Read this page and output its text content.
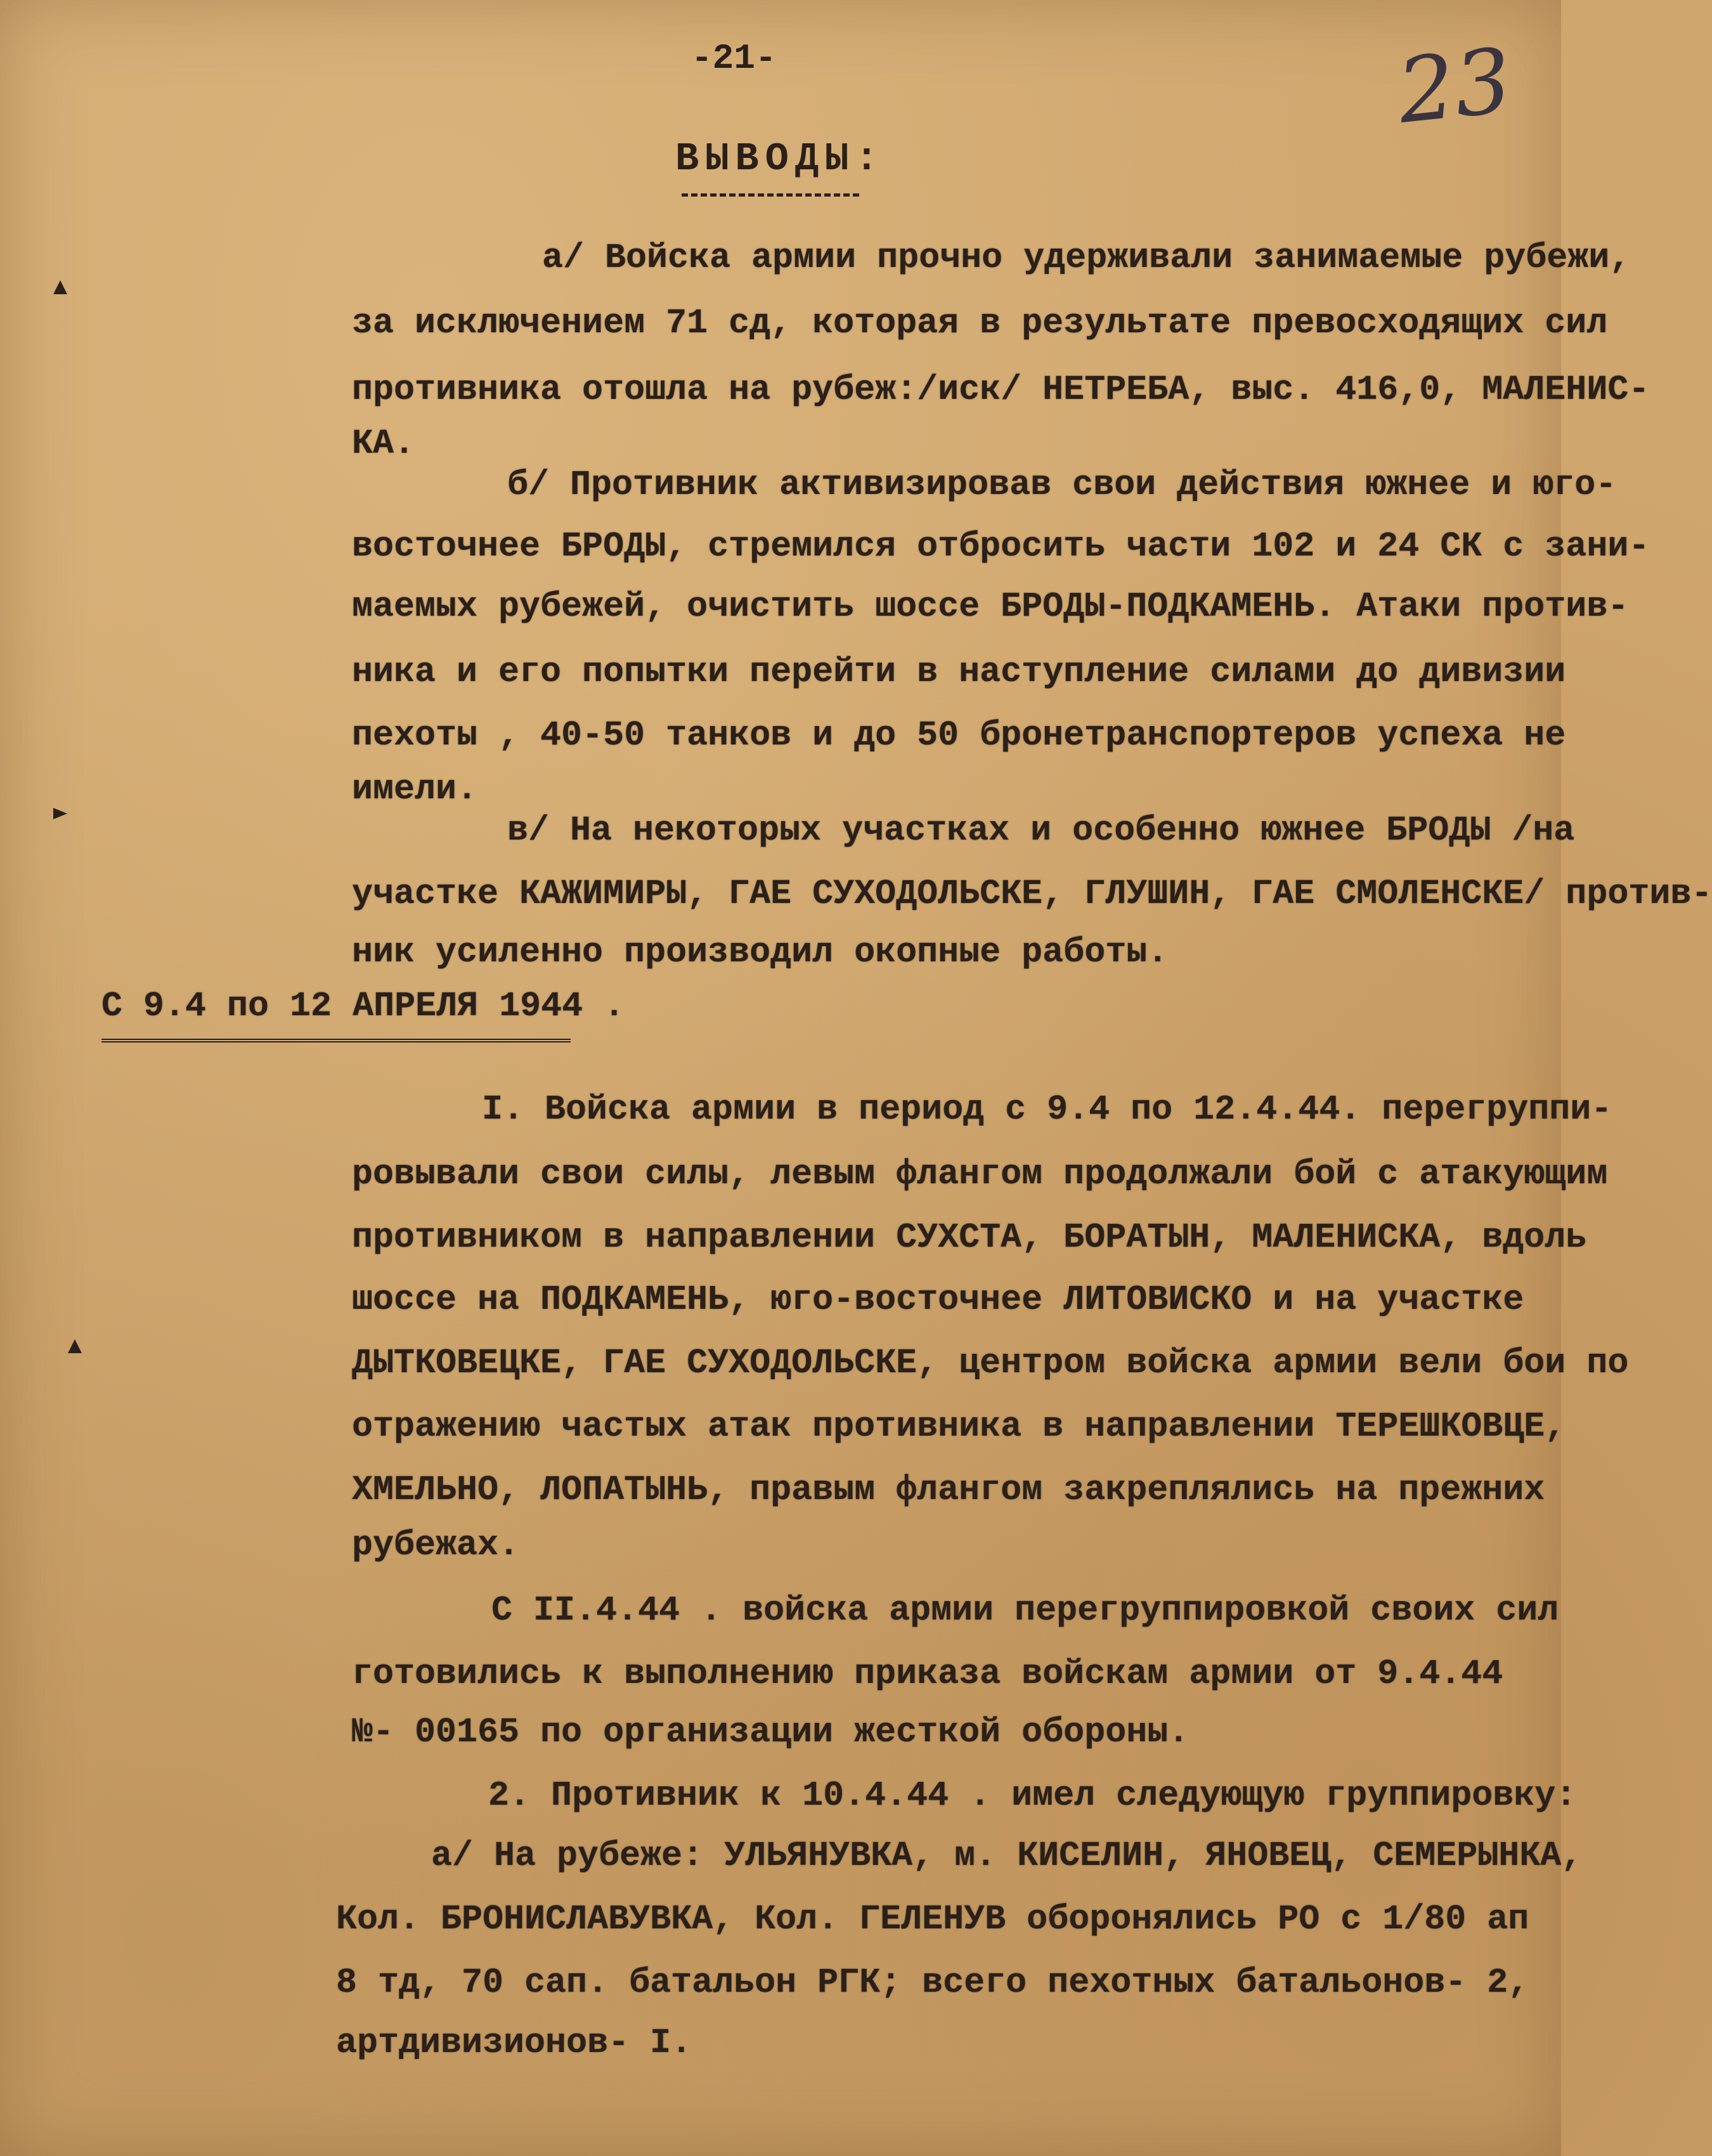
-21-	23
ВЫВОДЫ:
а/ Войска армии прочно удерживали занимаемые рубежи,
за исключением 71 сд, которая в результате превосходящих сил
противника отошла на рубеж:/иск/ НЕТРЕБА, выс. 416,0, МАЛЕНИС-
КА.
б/ Противник активизировав свои действия южнее и юго-
восточнее БРОДЫ, стремился отбросить части 102 и 24 СК с зани-
маемых рубежей, очистить шоссе БРОДЫ-ПОДКАМЕНЬ. Атаки против-
ника и его попытки перейти в наступление силами до дивизии
пехоты , 40-50 танков и до 50 бронетранспортеров успеха не
имели.
в/ На некоторых участках и особенно южнее БРОДЫ /на
участке КАЖИМИРЫ, ГАЕ СУХОДОЛЬСКЕ, ГЛУШИН, ГАЕ СМОЛЕНСКЕ/ против-
ник усиленно производил окопные работы.
С 9.4 по 12 АПРЕЛЯ 1944 .
I. Войска армии в период с 9.4 по 12.4.44. перегруппи-
ровывали свои силы, левым флангом продолжали бой с атакующим
противником в направлении СУХСТА, БОРАТЫН, МАЛЕНИСКА, вдоль
шоссе на ПОДКАМЕНЬ, юго-восточнее ЛИТОВИСКО и на участке
ДЫТКОВЕЦКЕ, ГАЕ СУХОДОЛЬСКЕ, центром войска армии вели бои по
отражению частых атак противника в направлении ТЕРЕШКОВЦЕ,
ХМЕЛЬНО, ЛОПАТЫНЬ, правым флангом закреплялись на прежних
рубежах.
С II.4.44 . войска армии перегруппировкой своих сил
готовились к выполнению приказа войскам армии от 9.4.44
№- 00165 по организации жесткой обороны.
2. Противник к 10.4.44 . имел следующую группировку:
а/ На рубеже: УЛЬЯНУВКА, м. КИСЕЛИН, ЯНОВЕЦ, СЕМЕРЫНКА,
Кол. БРОНИСЛАВУВКА, Кол. ГЕЛЕНУВ оборонялись РО с 1/80 ап
8 тд, 70 сап. батальон РГК; всего пехотных батальонов- 2,
артдивизионов- I.
